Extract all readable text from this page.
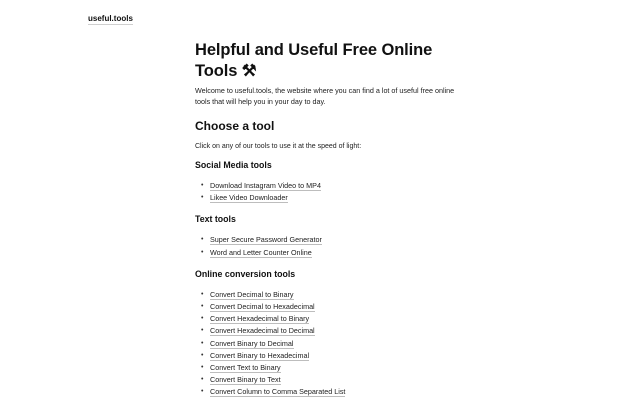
useful.tools
Helpful and Useful Free Online
Tools ⚒

Welcome to useful.tools, the website where you can find a lot of useful free online tools that will help you in your day to day.

Choose a tool

Click on any of our tools to use it at the speed of light:

Social Media tools
• Download Instagram Video to MP4
• Likee Video Downloader
Text tools
• Super Secure Password Generator
• Word and Letter Counter Online
Online conversion tools
• Convert Decimal to Binary
• Convert Decimal to Hexadecimal
• Convert Hexadecimal to Binary
• Convert Hexadecimal to Decimal
• Convert Binary to Decimal
• Convert Binary to Hexadecimal
• Convert Text to Binary
• Convert Binary to Text
• Convert Column to Comma Separated List
